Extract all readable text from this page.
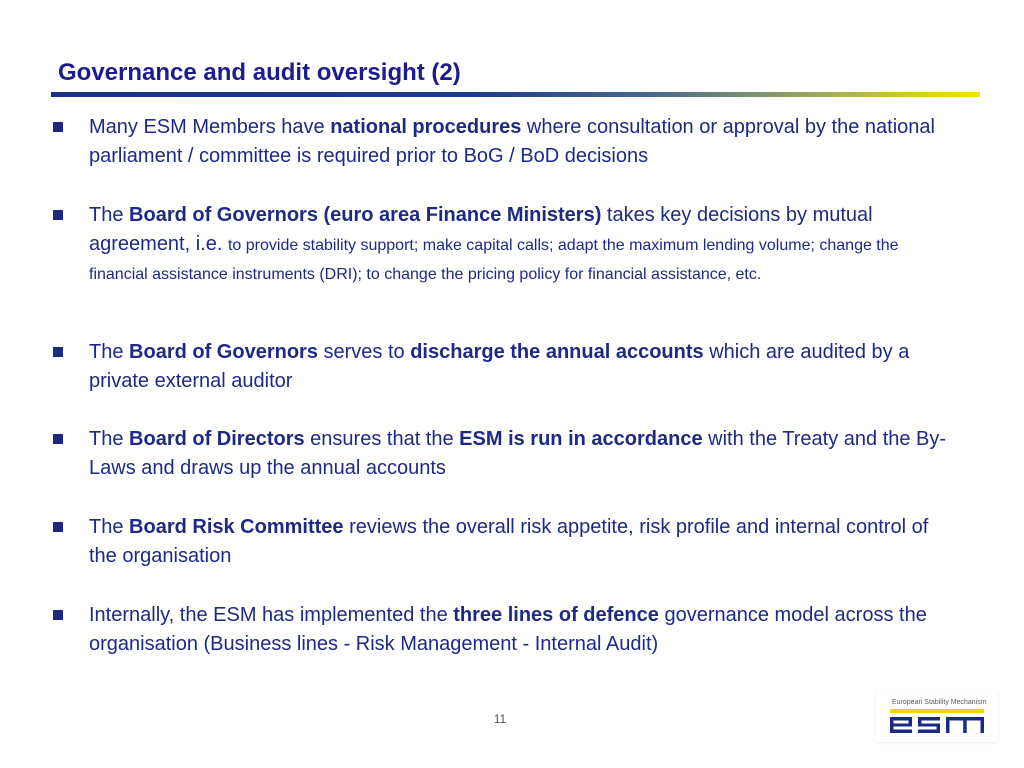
Governance and audit oversight (2)
Many ESM Members have national procedures where consultation or approval by the national parliament / committee is required prior to BoG / BoD decisions
The Board of Governors (euro area Finance Ministers) takes key decisions by mutual agreement, i.e. to provide stability support; make capital calls; adapt the maximum lending volume; change the financial assistance instruments (DRI); to change the pricing policy for financial assistance, etc.
The Board of Governors serves to discharge the annual accounts which are audited by a private external auditor
The Board of Directors ensures that the ESM is run in accordance with the Treaty and the By-Laws and draws up the annual accounts
The Board Risk Committee reviews the overall risk appetite, risk profile and internal control of the organisation
Internally, the ESM has implemented the three lines of defence governance model across the organisation (Business lines - Risk Management - Internal Audit)
11
European Stability Mechanism
